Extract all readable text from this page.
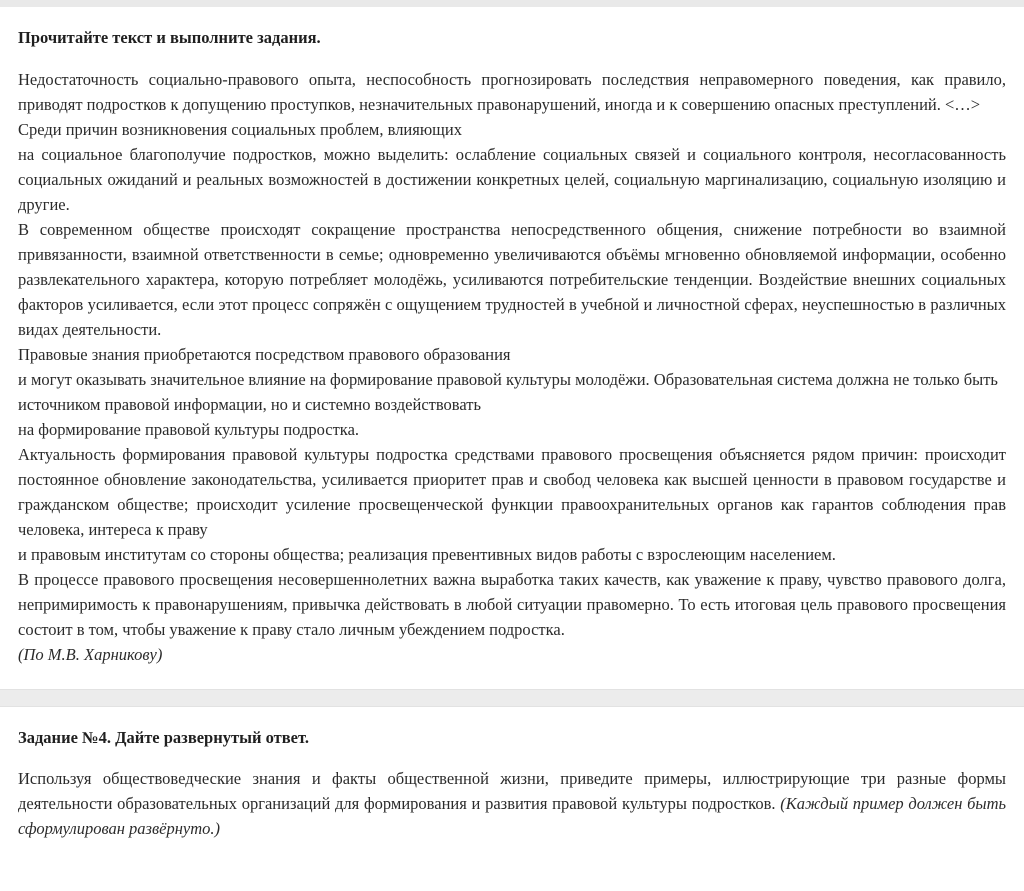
Прочитайте текст и выполните задания.

Недостаточность социально-правового опыта, неспособность прогнозировать последствия неправомерного поведения, как правило, приводят подростков к допущению проступков, незначительных правонарушений, иногда и к совершению опасных преступлений. <…>

Среди причин возникновения социальных проблем, влияющих

на социальное благополучие подростков, можно выделить: ослабление социальных связей и социального контроля, несогласованность социальных ожиданий и реальных возможностей в достижении конкретных целей, социальную маргинализацию, социальную изоляцию и другие.

В современном обществе происходят сокращение пространства непосредственного общения, снижение потребности во взаимной привязанности, взаимной ответственности в семье; одновременно увеличиваются объёмы мгновенно обновляемой информации, особенно развлекательного характера, которую потребляет молодёжь, усиливаются потребительские тенденции. Воздействие внешних социальных факторов усиливается, если этот процесс сопряжён с ощущением трудностей в учебной и личностной сферах, неуспешностью в различных видах деятельности.

Правовые знания приобретаются посредством правового образования

и могут оказывать значительное влияние на формирование правовой культуры молодёжи. Образовательная система должна не только быть источником правовой информации, но и системно воздействовать

на формирование правовой культуры подростка.

Актуальность формирования правовой культуры подростка средствами правового просвещения объясняется рядом причин: происходит постоянное обновление законодательства, усиливается приоритет прав и свобод человека как высшей ценности в правовом государстве и гражданском обществе; происходит усиление просвещенческой функции правоохранительных органов как гарантов соблюдения прав человека, интереса к праву

и правовым институтам со стороны общества; реализация превентивных видов работы с взрослеющим населением.

В процессе правового просвещения несовершеннолетних важна выработка таких качеств, как уважение к праву, чувство правового долга, непримиримость к правонарушениям, привычка действовать в любой ситуации правомерно. То есть итоговая цель правового просвещения состоит в том, чтобы уважение к праву стало личным убеждением подростка.

(По М.В. Харникову)

Задание №4. Дайте развернутый ответ.

Используя обществоведческие знания и факты общественной жизни, приведите примеры, иллюстрирующие три разные формы деятельности образовательных организаций для формирования и развития правовой культуры подростков. (Каждый пример должен быть сформулирован развёрнуто.)
